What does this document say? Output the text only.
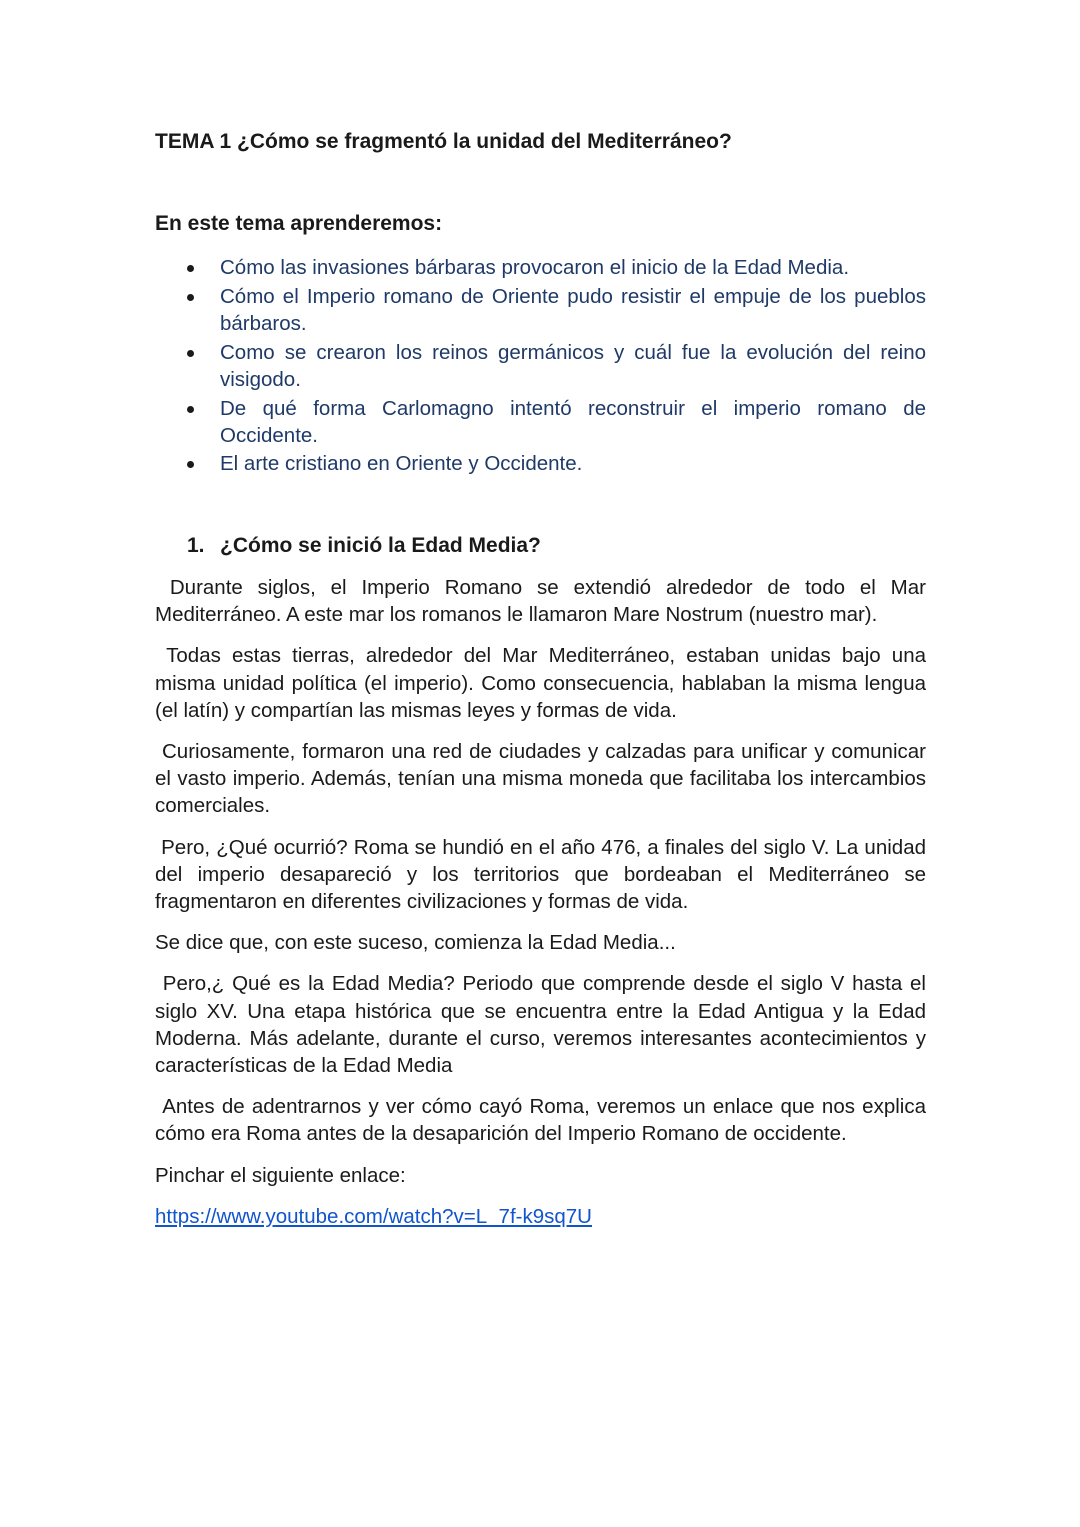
TEMA 1 ¿Cómo se fragmentó la unidad del Mediterráneo?
En este tema aprenderemos:
Cómo las invasiones bárbaras provocaron el inicio de la Edad Media.
Cómo el Imperio romano de Oriente pudo resistir el empuje de los pueblos bárbaros.
Como se crearon los reinos germánicos y cuál fue la evolución del reino visigodo.
De qué forma Carlomagno intentó reconstruir el imperio romano de Occidente.
El arte cristiano en Oriente y Occidente.
1. ¿Cómo se inició la Edad Media?

Durante siglos, el Imperio Romano se extendió alrededor de todo el Mar Mediterráneo. A este mar los romanos le llamaron Mare Nostrum (nuestro mar).

Todas estas tierras, alrededor del Mar Mediterráneo, estaban unidas bajo una misma unidad política (el imperio). Como consecuencia, hablaban la misma lengua (el latín) y compartían las mismas leyes y formas de vida.

Curiosamente, formaron una red de ciudades y calzadas para unificar y comunicar el vasto imperio. Además, tenían una misma moneda que facilitaba los intercambios comerciales.

Pero, ¿Qué ocurrió? Roma se hundió en el año 476, a finales del siglo V. La unidad del imperio desapareció y los territorios que bordeaban el Mediterráneo se fragmentaron en diferentes civilizaciones y formas de vida.

Se dice que, con este suceso, comienza la Edad Media...

Pero,¿ Qué es la Edad Media? Periodo que comprende desde el siglo V hasta el siglo XV. Una etapa histórica que se encuentra entre la Edad Antigua y la Edad Moderna. Más adelante, durante el curso, veremos interesantes acontecimientos y características de la Edad Media

Antes de adentrarnos y ver cómo cayó Roma, veremos un enlace que nos explica cómo era Roma antes de la desaparición del Imperio Romano de occidente.

Pinchar el siguiente enlace:

https://www.youtube.com/watch?v=L_7f-k9sq7U
